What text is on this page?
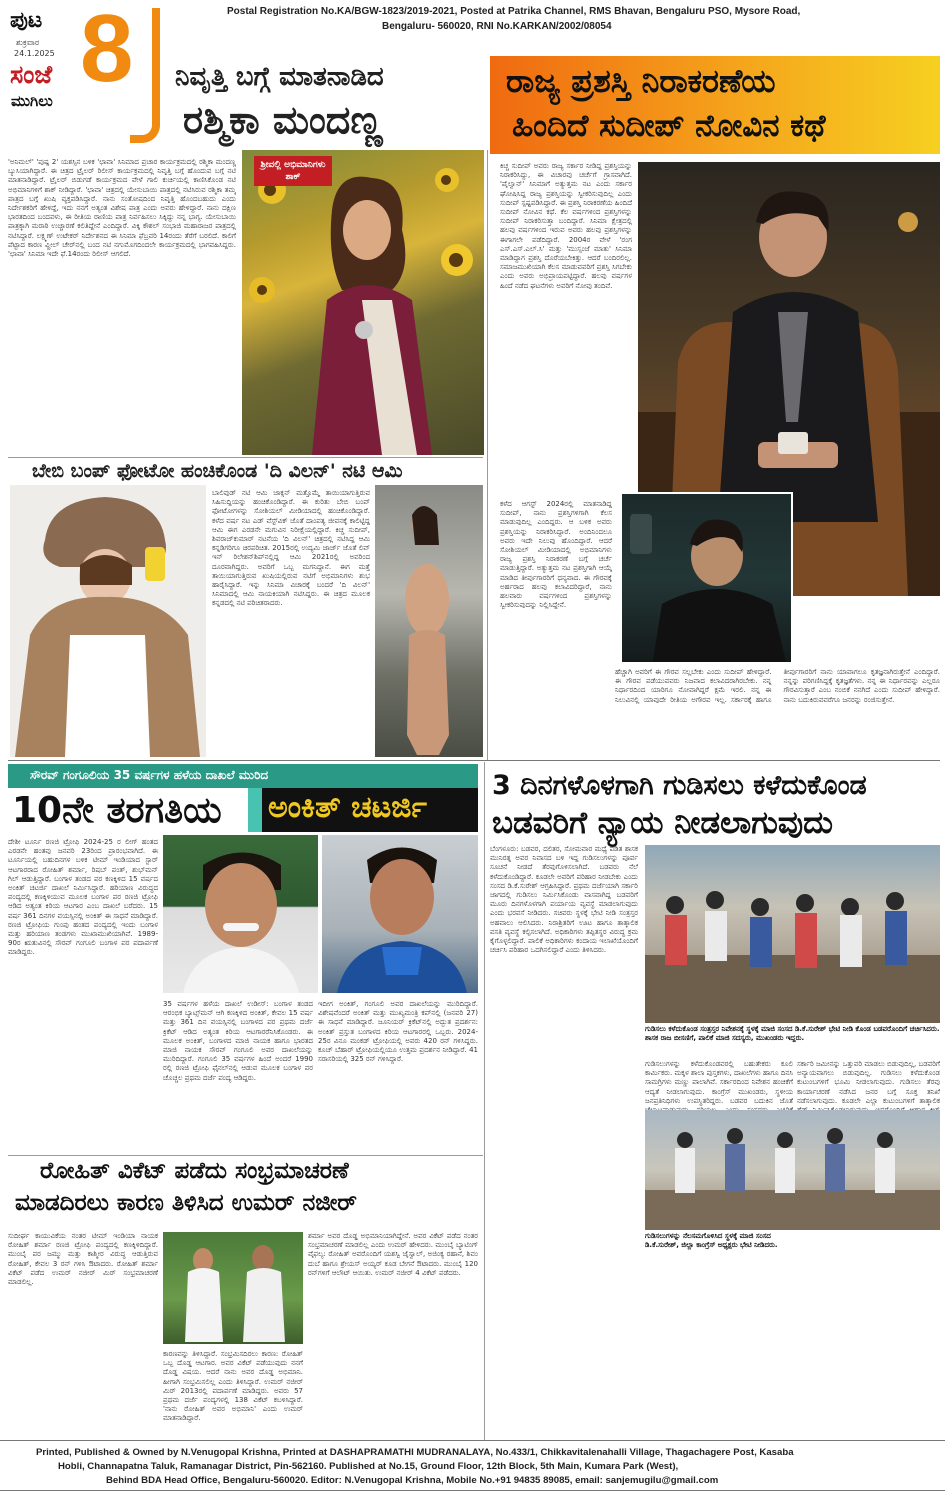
ಪುಟ
ಶುಕ್ರವಾರ
24.1.2025
ಸಂಜೆ
ಮುಗಿಲು 8	Postal Registration No.KA/BGW-1823/2019-2021, Posted at Patrika Channel, RMS Bhavan, Bengaluru PSO, Mysore Road,
Bengaluru- 560020, RNI No.KARKAN/2002/08054
ನಿವೃತ್ತಿ ಬಗ್ಗೆ ಮಾತನಾಡಿದ
ರಶ್ಮಿಕಾ ಮಂದಣ್ಣ
'ಅನಿಮಲ್' 'ಪುಷ್ಪ 2' ಯಶಸ್ಸಿನ ಬಳಿಕ 'ಛಾವಾ' ಸಿನಿಮಾದ ಪ್ರಚಾರ ಕಾರ್ಯಕ್ರಮದಲ್ಲಿ ರಶ್ಮಿಕಾ ಮಂದಣ್ಣ ಬ್ಯುಸಿಯಾಗಿದ್ದಾರೆ. ಈ ಚಿತ್ರದ ಟ್ರೈಲರ್ ರಿಲೀಸ್ ಕಾರ್ಯಕ್ರಮದಲ್ಲಿ ನಿವೃತ್ತಿ ಬಗ್ಗೆ ಹೊಂದುವ ಬಗ್ಗೆ ನಟಿ ಮಾತನಾಡಿದ್ದಾರೆ. ಟ್ರೈಲರ್ ಬಿಡುಗಡೆ ಕಾರ್ಯಕ್ರಮದ ವೇಳೆ ಗಾಲಿ ಕುರ್ಚಿಯಲ್ಲಿ ಕಾಣಿಸಿಕೊಂಡ ನಟಿ ಅಭಿಮಾನಿಗಳಿಗೆ ಶಾಕ್ ನೀಡಿದ್ದಾರೆ. 'ಛಾವಾ' ಚಿತ್ರದಲ್ಲಿ ಯೇಸುಬಾಯಿ ಪಾತ್ರದಲ್ಲಿ ನಟಿಸಿರುವ ರಶ್ಮಿಕಾ ತಮ್ಮ ಪಾತ್ರದ ಬಗ್ಗೆ ಖುಷಿ ವ್ಯಕ್ತಪಡಿಸಿದ್ದಾರೆ. ನಾನು ಸಂತೋಷದಿಂದ ನಿವೃತ್ತಿ ಹೊಂದಬಹುದು ಎಂದು ನಿರ್ದೇಶಕರಿಗೆ ಹೇಳಿದ್ದೆ, ಇದು ನನಗೆ ಅತ್ಯಂತ ವಿಶೇಷ ಪಾತ್ರ ಎಂದು ಅವರು ಹೇಳಿದ್ದಾರೆ. ನಾನು ದಕ್ಷಿಣ ಭಾರತದಿಂದ ಬಂದವಳು, ಈ ರೀತಿಯ ರಾಣಿಯ ಪಾತ್ರ ನಿರ್ವಹಿಸಲು ಸಿಕ್ಕಿದ್ದು ನನ್ನ ಭಾಗ್ಯ. ಯೇಸುಬಾಯಿ ಪಾತ್ರಕ್ಕಾಗಿ ಮರಾಠಿ ಉಚ್ಚಾರಣೆ ಕಲಿತಿದ್ದೇನೆ ಎಂದಿದ್ದಾರೆ. ವಿಕ್ಕಿ ಕೌಶಲ್ ಸಂಭಾಜಿ ಮಹಾರಾಜರ ಪಾತ್ರದಲ್ಲಿ ನಟಿಸಿದ್ದಾರೆ. ಲಕ್ಷ್ಮಣ್ ಉಟೇಕರ್ ನಿರ್ದೇಶನದ ಈ ಸಿನಿಮಾ ಫೆಬ್ರವರಿ 14ರಂದು ತೆರೆಗೆ ಬರಲಿದೆ. ಕಾಲಿಗೆ ಪೆಟ್ಟಾದ ಕಾರಣ ವ್ಹೀಲ್ ಚೇರ್‌ನಲ್ಲಿ ಬಂದ ನಟಿ ನಗುಮೊಗದಿಂದಲೇ ಕಾರ್ಯಕ್ರಮದಲ್ಲಿ ಭಾಗವಹಿಸಿದ್ದರು. 'ಛಾವಾ' ಸಿನಿಮಾ ಇದೇ ಫೆ.14ರಂದು ರಿಲೀಸ್ ಆಗಲಿದೆ.
ಶ್ರೀವಲ್ಲಿ ಅಭಿಮಾನಿಗಳು ಶಾಕ್
ರಾಜ್ಯ ಪ್ರಶಸ್ತಿ ನಿರಾಕರಣೆಯ
ಹಿಂದಿದೆ ಸುದೀಪ್ ನೋವಿನ ಕಥೆ
ಕಿಚ್ಚ ಸುದೀಪ್ ಅವರು ರಾಜ್ಯ ಸರ್ಕಾರ ನೀಡಿದ್ದ ಪ್ರಶಸ್ತಿಯನ್ನು ನಿರಾಕರಿಸಿದ್ದು, ಈ ವಿಚಾರವು ಚರ್ಚೆಗೆ ಗ್ರಾಸವಾಗಿದೆ. 'ಪೈಲ್ವಾನ್' ಸಿನಿಮಾಗೆ ಅತ್ಯುತ್ತಮ ನಟ ಎಂದು ಸರ್ಕಾರ ಘೋಷಿಸಿದ್ದ ರಾಜ್ಯ ಪ್ರಶಸ್ತಿಯನ್ನು ಸ್ವೀಕರಿಸುವುದಿಲ್ಲ ಎಂದು ಸುದೀಪ್ ಸ್ಪಷ್ಟಪಡಿಸಿದ್ದಾರೆ. ಈ ಪ್ರಶಸ್ತಿ ನಿರಾಕರಣೆಯ ಹಿಂದಿದೆ ಸುದೀಪ್ ನೋವಿನ ಕಥೆ. ಕೆಲ ವರ್ಷಗಳಿಂದ ಪ್ರಶಸ್ತಿಗಳನ್ನು ಸುದೀಪ್ ನಿರಾಕರಿಸುತ್ತಾ ಬಂದಿದ್ದಾರೆ. ಸಿನಿಮಾ ಕ್ಷೇತ್ರದಲ್ಲಿ ಹಲವು ವರ್ಷಗಳಿಂದ ಇರುವ ಅವರು ಹಲವು ಪ್ರಶಸ್ತಿಗಳನ್ನು ಈಗಾಗಲೇ ಪಡೆದಿದ್ದಾರೆ. 2004ರ ವೇಳೆ 'ರಂಗ ಎಸ್.ಎಸ್.ಎಲ್.ಸಿ' ಮತ್ತು 'ಮುಸ್ಸಂಜೆ ಮಾತು' ಸಿನಿಮಾ ಮಾಡಿದ್ದಾಗ ಪ್ರಶಸ್ತಿ ದೊರೆಯಬೇಕಿತ್ತು. ಆದರೆ ಬಂದಿರಲಿಲ್ಲ. ಸಮಾಜಮುಖಿಯಾಗಿ ಕೆಲಸ ಮಾಡುವವರಿಗೆ ಪ್ರಶಸ್ತಿ ಸಿಗಬೇಕು ಎಂದು ಅವರು ಅಭಿಪ್ರಾಯಪಟ್ಟಿದ್ದಾರೆ. ಹಲವು ವರ್ಷಗಳ ಹಿಂದೆ ನಡೆದ ಘಟನೆಗಳು ಅವರಿಗೆ ನೋವು ತಂದಿವೆ.
ಕಳೆದ ಆಗಸ್ಟ್ 2024ರಲ್ಲಿ ಮಾತನಾಡಿದ್ದ ಸುದೀಪ್, ನಾನು ಪ್ರಶಸ್ತಿಗಳಿಗಾಗಿ ಕೆಲಸ ಮಾಡುವುದಿಲ್ಲ ಎಂದಿದ್ದರು. ಆ ಬಳಿಕ ಅವರು ಪ್ರಶಸ್ತಿಯನ್ನು ನಿರಾಕರಿಸಿದ್ದಾರೆ. ಅಂದಿನಿಂದಲೂ ಅವರು ಇದೇ ನಿಲುವು ಹೊಂದಿದ್ದಾರೆ. ಆದರೆ ಸೋಶಿಯಲ್ ಮೀಡಿಯಾದಲ್ಲಿ ಅಭಿಮಾನಿಗಳು ರಾಜ್ಯ ಪ್ರಶಸ್ತಿ ನಿರಾಕರಣೆ ಬಗ್ಗೆ ಚರ್ಚೆ ಮಾಡುತ್ತಿದ್ದಾರೆ. ಅತ್ಯುತ್ತಮ ನಟ ಪ್ರಶಸ್ತಿಗಾಗಿ ಆಯ್ಕೆ ಮಾಡಿದ ತೀರ್ಪುಗಾರರಿಗೆ ಧನ್ಯವಾದ. ಈ ಗೌರವಕ್ಕೆ ಅರ್ಹರಾದ ಹಲವು ಕಲಾವಿದರಿದ್ದಾರೆ, ನಾನು ಹಲವಾರು ವರ್ಷಗಳಿಂದ ಪ್ರಶಸ್ತಿಗಳನ್ನು ಸ್ವೀಕರಿಸುವುದನ್ನು ನಿಲ್ಲಿಸಿದ್ದೇನೆ.
ಹೆಚ್ಚಾಗಿ ಅವರಿಗೆ ಈ ಗೌರವ ಸಲ್ಲಬೇಕು ಎಂದು ಸುದೀಪ್ ಹೇಳಿದ್ದಾರೆ. ಈ ಗೌರವ ಪಡೆಯುವವರು ನಿಜವಾದ ಕಲಾವಿದರಾಗಿರಬೇಕು. ನನ್ನ ನಿರ್ಧಾರದಿಂದ ಯಾರಿಗೂ ನೋವಾಗಿದ್ದರೆ ಕ್ಷಮೆ ಇರಲಿ. ನನ್ನ ಈ ನಿಲುವಿನಲ್ಲಿ ಯಾವುದೇ ರೀತಿಯ ಅಗೌರವ ಇಲ್ಲ. ಸರ್ಕಾರಕ್ಕೆ ಹಾಗೂ ತೀರ್ಪುಗಾರರಿಗೆ ನಾನು ಯಾವಾಗಲೂ ಕೃತಜ್ಞನಾಗಿರುತ್ತೇನೆ ಎಂದಿದ್ದಾರೆ. ನನ್ನನ್ನು ಪರಿಗಣಿಸಿದ್ದಕ್ಕೆ ಕೃತಜ್ಞತೆಗಳು. ನನ್ನ ಈ ನಿರ್ಧಾರವನ್ನು ಎಲ್ಲರೂ ಗೌರವಿಸುತ್ತಾರೆ ಎಂಬ ನಂಬಿಕೆ ನನಗಿದೆ ಎಂದು ಸುದೀಪ್ ಹೇಳಿದ್ದಾರೆ. ನಾನು ಬದುಕಿರುವವರೆಗೂ ಜನರನ್ನು ರಂಜಿಸುತ್ತೇನೆ.
ಬೇಬಿ ಬಂಪ್ ಫೋಟೋ ಹಂಚಿಕೊಂಡ 'ದಿ ವಿಲನ್' ನಟಿ ಆಮಿ
ಬಾಲಿವುಡ್ ನಟಿ ಆಮಿ ಜಾಕ್ಸನ್ ಮತ್ತೊಮ್ಮೆ ತಾಯಿಯಾಗುತ್ತಿರುವ ಸಿಹಿಸುದ್ದಿಯನ್ನು ಹಂಚಿಕೊಂಡಿದ್ದಾರೆ. ಈ ಕುರಿತು ಬೇಬಿ ಬಂಪ್ ಫೋಟೋಗಳನ್ನು ಸೋಶಿಯಲ್ ಮೀಡಿಯಾದಲ್ಲಿ ಹಂಚಿಕೊಂಡಿದ್ದಾರೆ. ಕಳೆದ ವರ್ಷ ನಟ ಎಡ್ ವೆಸ್ಟ್‌ವಿಕ್ ಜೊತೆ ದಾಂಪತ್ಯ ಜೀವನಕ್ಕೆ ಕಾಲಿಟ್ಟಿದ್ದ ಆಮಿ ಈಗ ಎರಡನೇ ಮಗುವಿನ ನಿರೀಕ್ಷೆಯಲ್ಲಿದ್ದಾರೆ. ಕಿಚ್ಚ ಸುದೀಪ್, ಶಿವರಾಜ್‌ಕುಮಾರ್ ನಟನೆಯ 'ದಿ ವಿಲನ್' ಚಿತ್ರದಲ್ಲಿ ನಟಿಸಿದ್ದ ಆಮಿ ಕನ್ನಡಿಗರಿಗೂ ಚಿರಪರಿಚಿತ. 2015ರಲ್ಲಿ ಉದ್ಯಮಿ ಜಾರ್ಜ್ ಜೊತೆ ಲಿವ್ ಇನ್ ರಿಲೇಶನ್‌ಶಿಪ್‌ನಲ್ಲಿದ್ದ ಆಮಿ 2021ರಲ್ಲಿ ಅವರಿಂದ ದೂರವಾಗಿದ್ದರು. ಅವರಿಗೆ ಒಬ್ಬ ಮಗನಿದ್ದಾನೆ. ಈಗ ಮತ್ತೆ ತಾಯಿಯಾಗುತ್ತಿರುವ ಖುಷಿಯಲ್ಲಿರುವ ನಟಿಗೆ ಅಭಿಮಾನಿಗಳು ಶುಭ ಹಾರೈಸಿದ್ದಾರೆ. ಇನ್ನು ಸಿನಿಮಾ ವಿಚಾರಕ್ಕೆ ಬಂದರೆ 'ದಿ ವಿಲನ್' ಸಿನಿಮಾದಲ್ಲಿ ಆಮಿ ನಾಯಕಿಯಾಗಿ ನಟಿಸಿದ್ದರು. ಈ ಚಿತ್ರದ ಮೂಲಕ ಕನ್ನಡದಲ್ಲಿ ನಟಿ ಪರಿಚಿತರಾದರು.
ಸೌರವ್ ಗಂಗೂಲಿಯ 35 ವರ್ಷಗಳ ಹಳೆಯ ದಾಖಲೆ ಮುರಿದ
10ನೇ ತರಗತಿಯ ಅಂಕಿತ್ ಚಟರ್ಜಿ
ದೇಶೀ ಟೂರ್ನಿ ರಣಜಿ ಟ್ರೋಫಿ 2024-25 ರ ಲೀಗ್ ಹಂತದ ಎರಡನೇ ಹಂತವು ಜನವರಿ 23ರಿಂದ ಪ್ರಾರಂಭವಾಗಿದೆ. ಈ ಟೂರ್ನಿಯಲ್ಲಿ ಬಹುದಿನಗಳ ಬಳಿಕ ಟೀಮ್ ಇಂಡಿಯಾದ ಸ್ಟಾರ್ ಆಟಗಾರರಾದ ರೋಹಿತ್ ಶರ್ಮಾ, ರಿಷಬ್ ಪಂತ್, ಶುಭ್‌ಮನ್ ಗಿಲ್ ಆಡುತ್ತಿದ್ದಾರೆ. ಬಂಗಾಳ ತಂಡದ ಪರ ಕಣಕ್ಕಿಳಿದ 15 ವರ್ಷದ ಅಂಕಿತ್ ಚಟರ್ಜಿ ದಾಖಲೆ ನಿರ್ಮಿಸಿದ್ದಾರೆ. ಹರಿಯಾಣ ವಿರುದ್ಧದ ಪಂದ್ಯದಲ್ಲಿ ಕಣಕ್ಕಿಳಿಯುವ ಮೂಲಕ ಬಂಗಾಳ ಪರ ರಣಜಿ ಟ್ರೋಫಿ ಆಡಿದ ಅತ್ಯಂತ ಕಿರಿಯ ಆಟಗಾರ ಎಂಬ ದಾಖಲೆ ಬರೆದರು. 15 ವರ್ಷ 361 ದಿನಗಳ ವಯಸ್ಸಿನಲ್ಲಿ ಅಂಕಿತ್ ಈ ಸಾಧನೆ ಮಾಡಿದ್ದಾರೆ. ರಣಜಿ ಟ್ರೋಫಿಯ ಗುಂಪು ಹಂತದ ಪಂದ್ಯದಲ್ಲಿ ಇಂದು ಬಂಗಾಳ ಮತ್ತು ಹರಿಯಾಣ ತಂಡಗಳು ಮುಖಾಮುಖಿಯಾಗಿವೆ. 1989-90ರ ಋತುವಿನಲ್ಲಿ ಸೌರವ್ ಗಂಗೂಲಿ ಬಂಗಾಳ ಪರ ಪದಾರ್ಪಣೆ ಮಾಡಿದ್ದರು.
35 ವರ್ಷಗಳ ಹಳೆಯ ದಾಖಲೆ ಉಡೀಸ್: ಬಂಗಾಳ ತಂಡದ ಆರಂಭಿಕ ಬ್ಯಾಟ್ಸ್‌ಮನ್ ಆಗಿ ಕಣಕ್ಕಿಳಿದ ಅಂಕಿತ್, ಕೇವಲ 15 ವರ್ಷ ಮತ್ತು 361 ದಿನ ವಯಸ್ಸಿನಲ್ಲಿ ಬಂಗಾಳದ ಪರ ಪ್ರಥಮ ದರ್ಜೆ ಕ್ರಿಕೆಟ್ ಆಡಿದ ಅತ್ಯಂತ ಕಿರಿಯ ಆಟಗಾರರೆನಿಸಿಕೊಂಡರು. ಈ ಮೂಲಕ ಅಂಕಿತ್, ಬಂಗಾಳದ ಮಾಜಿ ನಾಯಕ ಹಾಗೂ ಭಾರತದ ಮಾಜಿ ನಾಯಕ ಸೌರವ್ ಗಂಗೂಲಿ ಅವರ ದಾಖಲೆಯನ್ನು ಮುರಿದಿದ್ದಾರೆ. ಗಂಗೂಲಿ 35 ವರ್ಷಗಳ ಹಿಂದೆ ಅಂದರೆ 1990 ರಲ್ಲಿ ರಣಜಿ ಟ್ರೋಫಿ ಫೈನಲ್‌ನಲ್ಲಿ ಆಡುವ ಮೂಲಕ ಬಂಗಾಳ ಪರ ಚೊಚ್ಚಲ ಪ್ರಥಮ ದರ್ಜೆ ಪಂದ್ಯ ಆಡಿದ್ದರು.
ಇದೀಗ ಅಂಕಿತ್, ಗಂಗೂಲಿ ಅವರ ದಾಖಲೆಯನ್ನು ಮುರಿದಿದ್ದಾರೆ. ವಿಶೇಷವೆಂದರೆ ಅಂಕಿತ್ ಮತ್ತು ಮುಖ್ಯಮಂತ್ರಿ ಕಪ್‌ನಲ್ಲಿ (ಜನವರಿ 27) ಈ ಸಾಧನೆ ಮಾಡಿದ್ದಾರೆ. ಜೂನಿಯರ್ ಕ್ರಿಕೆಟ್‌ನಲ್ಲಿ ಅದ್ಭುತ ಪ್ರದರ್ಶನ: ಅಂಕಿತ್ ಪ್ರಸ್ತುತ ಬಂಗಾಳದ ಕಿರಿಯ ಆಟಗಾರರಲ್ಲಿ ಒಬ್ಬರು. 2024-25ರ ವಿನೂ ಮಂಕಡ್ ಟ್ರೋಫಿಯಲ್ಲಿ ಅವರು 420 ರನ್ ಗಳಿಸಿದ್ದರು. ಕೂಚ್ ಬೆಹಾರ್ ಟ್ರೋಫಿಯಲ್ಲಿಯೂ ಉತ್ತಮ ಪ್ರದರ್ಶನ ನೀಡಿದ್ದಾರೆ. 41 ಸರಾಸರಿಯಲ್ಲಿ 325 ರನ್ ಗಳಿಸಿದ್ದಾರೆ.
ರೋಹಿತ್ ವಿಕೆಟ್ ಪಡೆದು ಸಂಭ್ರಮಾಚರಣೆ
ಮಾಡದಿರಲು ಕಾರಣ ತಿಳಿಸಿದ ಉಮರ್ ನಜೀರ್
ಸುದೀರ್ಘ ಕಾಯುವಿಕೆಯ ನಂತರ ಟೀಮ್ ಇಂಡಿಯಾ ನಾಯಕ ರೋಹಿತ್ ಶರ್ಮಾ ರಣಜಿ ಟ್ರೋಫಿ ಪಂದ್ಯದಲ್ಲಿ ಕಣಕ್ಕಿಳಿದಿದ್ದಾರೆ. ಮುಂಬೈ ಪರ ಜಮ್ಮು ಮತ್ತು ಕಾಶ್ಮೀರ ವಿರುದ್ಧ ಆಡುತ್ತಿರುವ ರೋಹಿತ್, ಕೇವಲ 3 ರನ್ ಗಳಿಸಿ ಔಟಾದರು. ರೋಹಿತ್ ಶರ್ಮಾ ವಿಕೆಟ್ ಪಡೆದ ಉಮರ್ ನಜೀರ್ ಮಿರ್ ಸಂಭ್ರಮಾಚರಣೆ ಮಾಡಲಿಲ್ಲ.
ಶರ್ಮಾ ಅವರ ದೊಡ್ಡ ಅಭಿಮಾನಿಯಾಗಿದ್ದೇನೆ. ಅವರ ವಿಕೆಟ್ ಪಡೆದ ನಂತರ ಸಂಭ್ರಮಾಚರಣೆ ಮಾಡಲಿಲ್ಲ ಎಂದು ಉಮರ್ ಹೇಳಿದರು. ಮುಂಬೈ ಬ್ಯಾಟಿಂಗ್ ವೈಫಲ್ಯ: ರೋಹಿತ್ ಅವರೊಂದಿಗೆ ಯಶಸ್ವಿ ಜೈಸ್ವಾಲ್, ಅಜಿಂಕ್ಯ ರಹಾನೆ, ಶಿವಂ ದುಬೆ ಹಾಗೂ ಶ್ರೇಯಸ್ ಅಯ್ಯರ್ ಕೂಡ ಬೇಗನೆ ಔಟಾದರು. ಮುಂಬೈ 120 ರನ್‌ಗಳಿಗೆ ಆಲೌಟ್ ಆಯಿತು. ಉಮರ್ ನಜೀರ್ 4 ವಿಕೆಟ್ ಪಡೆದರು.
ಕಾರಣವನ್ನು ತಿಳಿಸಿದ್ದಾರೆ. ಸಂಭ್ರಮಿಸದಿರಲು ಕಾರಣ: ರೋಹಿತ್ ಒಬ್ಬ ದೊಡ್ಡ ಆಟಗಾರ. ಅವರ ವಿಕೆಟ್ ಪಡೆಯುವುದು ನನಗೆ ದೊಡ್ಡ ವಿಷಯ. ಆದರೆ ನಾನು ಅವರ ದೊಡ್ಡ ಅಭಿಮಾನಿ. ಹೀಗಾಗಿ ಸಂಭ್ರಮಿಸಲಿಲ್ಲ ಎಂದು ತಿಳಿಸಿದ್ದಾರೆ. ಉಮರ್ ನಜೀರ್ ಮಿರ್ 2013ರಲ್ಲಿ ಪದಾರ್ಪಣೆ ಮಾಡಿದ್ದರು. ಅವರು 57 ಪ್ರಥಮ ದರ್ಜೆ ಪಂದ್ಯಗಳಲ್ಲಿ 138 ವಿಕೆಟ್ ಕಬಳಿಸಿದ್ದಾರೆ. 'ನಾನು ರೋಹಿತ್ ಅವರ ಅಭಿಮಾನಿ' ಎಂದು ಉಮರ್ ಮಾತನಾಡಿದ್ದಾರೆ.
3 ದಿನಗಳೊಳಗಾಗಿ ಗುಡಿಸಲು ಕಳೆದುಕೊಂಡ
ಬಡವರಿಗೆ ನ್ಯಾಯ ನೀಡಲಾಗುವುದು
ಬೆಂಗಳೂರು: ಬಡವರ, ದಲಿತರ, ಸೋಮವಾರ ಮಧ್ಯೆ ಪಡಿತ ಶಾಸಕ ಮುನಿರತ್ನ ಅವರ ನಿವಾಸದ ಬಳಿ ಇದ್ದ ಗುಡಿಸಲುಗಳನ್ನು ಪೂರ್ವ ಸೂಚನೆ ನೀಡದೆ ತೆರವುಗೊಳಿಸಲಾಗಿದೆ. ಬಡವರು ನೆಲೆ ಕಳೆದುಕೊಂಡಿದ್ದಾರೆ. ಕೂಡಲೇ ಅವರಿಗೆ ಪರಿಹಾರ ನೀಡಬೇಕು ಎಂದು ಸಂಸದ ಡಿ.ಕೆ.ಸುರೇಶ್ ಆಗ್ರಹಿಸಿದ್ದಾರೆ. ಪ್ರಥಮ ದರ್ಜೆಯಾಗಿ ಸರ್ಕಾರಿ ಜಾಗದಲ್ಲಿ ಗುಡಿಸಲು ನಿರ್ಮಿಸಿಕೊಂಡು ವಾಸವಾಗಿದ್ದ ಬಡವರಿಗೆ ಮೂರು ದಿನಗಳೊಳಗಾಗಿ ಪರ್ಯಾಯ ವ್ಯವಸ್ಥೆ ಮಾಡಲಾಗುವುದು ಎಂದು ಭರವಸೆ ನೀಡಿದರು. ಸಚಿವರು ಸ್ಥಳಕ್ಕೆ ಭೇಟಿ ನೀಡಿ ಸಂತ್ರಸ್ತರ ಅಹವಾಲು ಆಲಿಸಿದರು. ನಿರಾಶ್ರಿತರಿಗೆ ಊಟ ಹಾಗೂ ತಾತ್ಕಾಲಿಕ ವಸತಿ ವ್ಯವಸ್ಥೆ ಕಲ್ಪಿಸಲಾಗಿದೆ. ಅಧಿಕಾರಿಗಳು ತಪ್ಪಿತಸ್ಥರ ವಿರುದ್ಧ ಕ್ರಮ ಕೈಗೊಳ್ಳಲಿದ್ದಾರೆ. ಪಾಲಿಕೆ ಅಧಿಕಾರಿಗಳು ಕಂದಾಯ ಇಲಾಖೆಯೊಂದಿಗೆ ಚರ್ಚಿಸಿ ಪರಿಹಾರ ಒದಗಿಸಲಿದ್ದಾರೆ ಎಂದು ತಿಳಿಸಿದರು.
ಗುಡಿಸಲು ಕಳೆದುಕೊಂಡ ಸಂತ್ರಸ್ತರ ನಿವೇಶನಕ್ಕೆ ಸ್ಥಳಕ್ಕೆ ಮಾಜಿ ಸಂಸದ ಡಿ.ಕೆ.ಸುರೇಶ್ ಭೇಟಿ ನೀಡಿ ಕೊಂಡ ಬಡವರೊಂದಿಗೆ ಚರ್ಚಿಸಿದರು. ಶಾಸಕ ರಾಜ ಬೀಸಣಿಗೆ, ಪಾಲಿಕೆ ಮಾಜಿ ಸದಸ್ಯರು, ಮುಖಂಡರು ಇದ್ದರು.
ಗುಡಿಸಲುಗಳನ್ನು ಕಳೆದುಕೊಂಡವರಲ್ಲಿ ಬಹುತೇಕರು ಕೂಲಿ ಕಾರ್ಮಿಕರು. ಮಕ್ಕಳ ಶಾಲಾ ಪುಸ್ತಕಗಳು, ದಾಖಲೆಗಳು ಹಾಗೂ ದಿನಸಿ ಸಾಮಗ್ರಿಗಳು ಮಣ್ಣು ಪಾಲಾಗಿವೆ. ಸರ್ಕಾರದಿಂದ ನಿವೇಶನ ಹಂಚಿಕೆಗೆ ಆದ್ಯತೆ ನೀಡಲಾಗುವುದು. ಕಾಂಗ್ರೆಸ್ ಮುಖಂಡರು, ಸ್ಥಳೀಯ ಜನಪ್ರತಿನಿಧಿಗಳು ಉಪಸ್ಥಿತರಿದ್ದರು. ಬಡವರ ಬದುಕಿನ ಜೊತೆ
ಸರ್ಕಾರಿ ಜಮೀನನ್ನು ಒತ್ತುವರಿ ಮಾಡಲು ಬಿಡುವುದಿಲ್ಲ, ಬಡವರಿಗೆ ಅನ್ಯಾಯವಾಗಲು ಬಿಡುವುದಿಲ್ಲ. ಗುಡಿಸಲು ಕಳೆದುಕೊಂಡ ಕುಟುಂಬಗಳಿಗೆ ಭೂಮಿ ನೀಡಲಾಗುವುದು. ಗುಡಿಸಲು ತೆರವು ಕಾರ್ಯಾಚರಣೆ ನಡೆಸಿದ ಜನರ ಬಗ್ಗೆ ಸೂಕ್ತ ತನಿಖೆ ನಡೆಸಲಾಗುವುದು. ಕೂಡಲೇ ಎಲ್ಲಾ ಕುಟುಂಬಗಳಿಗೆ ತಾತ್ಕಾಲಿಕ
ಗುಡಿಸಲುಗಳನ್ನು ನೆಲಸಮಗೊಳಿಸಿದ ಸ್ಥಳಕ್ಕೆ ಮಾಜಿ ಸಂಸದ ಡಿ.ಕೆ.ಸುರೇಶ್, ಜಿಲ್ಲಾ ಕಾಂಗ್ರೆಸ್ ಅಧ್ಯಕ್ಷರು ಭೇಟಿ ನೀಡಿದರು.
Printed, Published & Owned by N.Venugopal Krishna, Printed at DASHAPRAMATHI MUDRANALAYA, No.433/1, Chikkavitalenahalli Village, Thagachagere Post, Kasaba
Hobli, Channapatna Taluk, Ramanagar District, Pin-562160. Published at No.15, Ground Floor, 12th Block, 5th Main, Kumara Park (West),
Behind BDA Head Office, Bengaluru-560020. Editor: N.Venugopal Krishna, Mobile No.+91 94835 89085, email: sanjemugilu@gmail.com
